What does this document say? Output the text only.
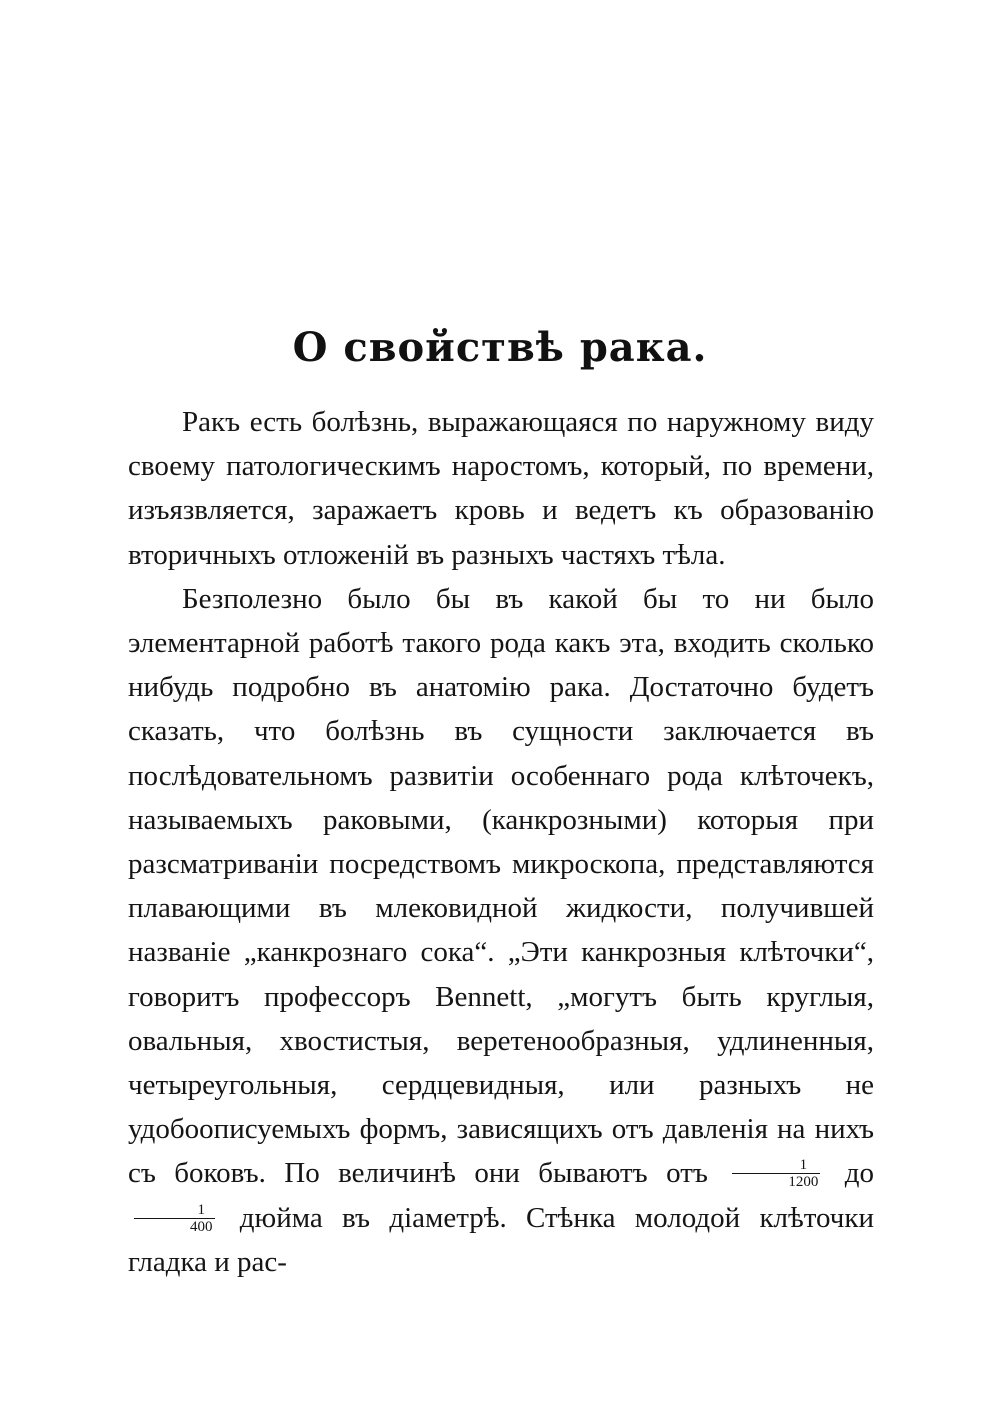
О свойствѣ рака.

Ракъ есть болѣзнь, выражающаяся по наружному виду своему патологическимъ наростомъ, который, по времени, изъязвляется, заражаетъ кровь и ведетъ къ образованію вторичныхъ отложеній въ разныхъ частяхъ тѣла.

Безполезно было бы въ какой бы то ни было элементарной работѣ такого рода какъ эта, входить сколько нибудь подробно въ анатомію рака. Достаточно будетъ сказать, что болѣзнь въ сущности заключается въ послѣдовательномъ развитіи особеннаго рода клѣточекъ, называемыхъ раковыми, (канкрозными) которыя при разсматриваніи посредствомъ микроскопа, представляются плавающими въ млековидной жидкости, получившей названіе „канкрознаго сока“. „Эти канкрозныя клѣточки“, говоритъ профессоръ Bennett, „могутъ быть круглыя, овальныя, хвостистыя, веретенообразныя, удлиненныя, четыреугольныя, сердцевидныя, или разныхъ не удобоописуемыхъ формъ, зависящихъ отъ давленія на нихъ съ боковъ. По величинѣ они бываютъ отъ $\frac{1}{1200}$ до
$\frac{1}{400}$ дюйма въ діаметрѣ. Стѣнка молодой клѣточки гладка и рас-
